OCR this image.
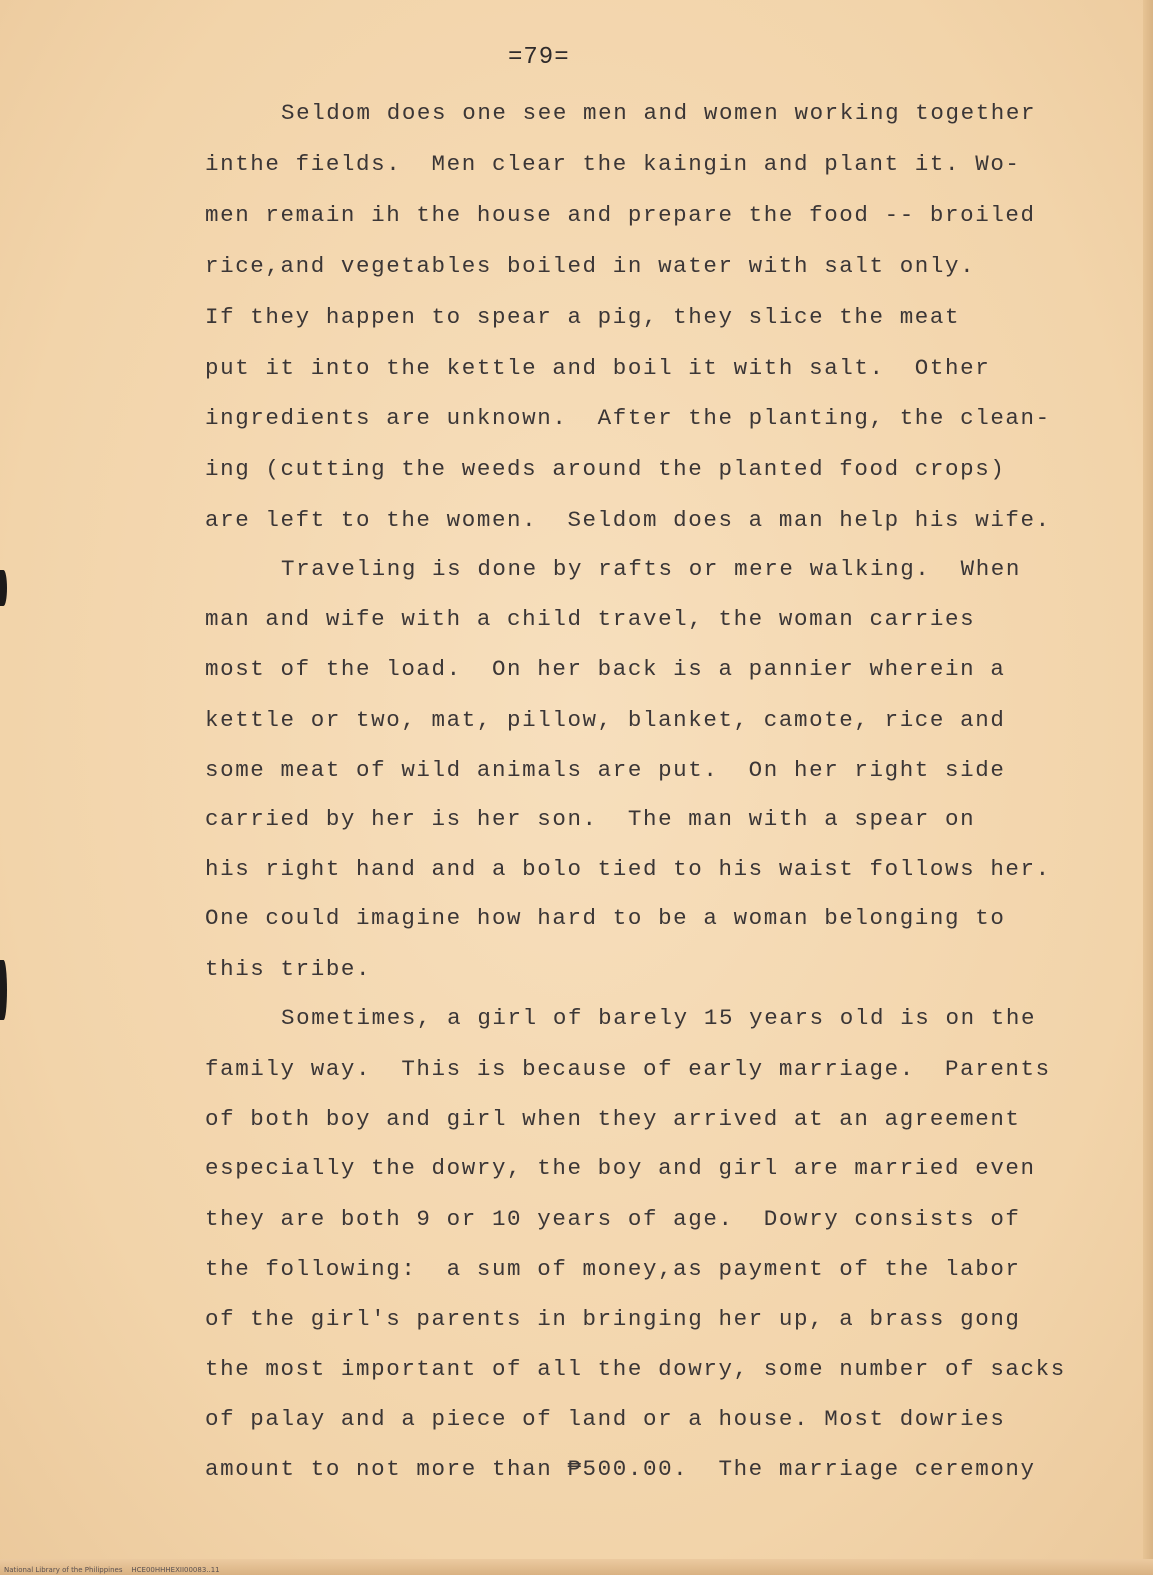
=79=
Seldom does one see men and women working together
inthe fields.  Men clear the kaingin and plant it. Wo-
men remain ih the house and prepare the food -- broiled
rice,and vegetables boiled in water with salt only.
If they happen to spear a pig, they slice the meat
put it into the kettle and boil it with salt.  Other
ingredients are unknown.  After the planting, the clean-
ing (cutting the weeds around the planted food crops)
are left to the women.  Seldom does a man help his wife.
Traveling is done by rafts or mere walking.  When
man and wife with a child travel, the woman carries
most of the load.  On her back is a pannier wherein a
kettle or two, mat, pillow, blanket, camote, rice and
some meat of wild animals are put.  On her right side
carried by her is her son.  The man with a spear on
his right hand and a bolo tied to his waist follows her.
One could imagine how hard to be a woman belonging to
this tribe.
Sometimes, a girl of barely 15 years old is on the
family way.  This is because of early marriage.  Parents
of both boy and girl when they arrived at an agreement
especially the dowry, the boy and girl are married even
they are both 9 or 10 years of age.  Dowry consists of
the following:  a sum of money,as payment of the labor
of the girl's parents in bringing her up, a brass gong
the most important of all the dowry, some number of sacks
of palay and a piece of land or a house. Most dowries
amount to not more than ₱500.00.  The marriage ceremony
National Library of the Philippines    HCE00HHHEXII00083..11
